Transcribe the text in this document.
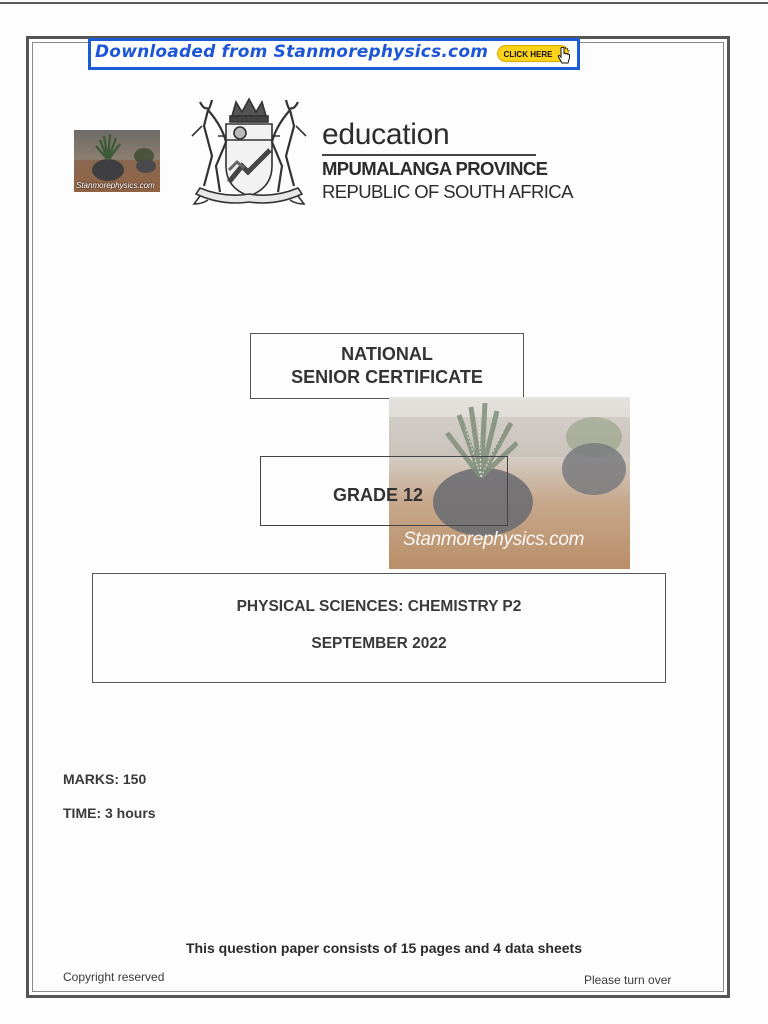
Downloaded from Stanmorephysics.com	CLICK HERE
Stanmorephysics.com
education
MPUMALANGA PROVINCE
REPUBLIC OF SOUTH AFRICA
NATIONAL
SENIOR CERTIFICATE
Stanmorephysics.com
GRADE 12
PHYSICAL SCIENCES: CHEMISTRY P2
SEPTEMBER 2022
MARKS: 150
TIME: 3 hours
This question paper consists of 15 pages and 4 data sheets
Copyright reserved	Please turn over
